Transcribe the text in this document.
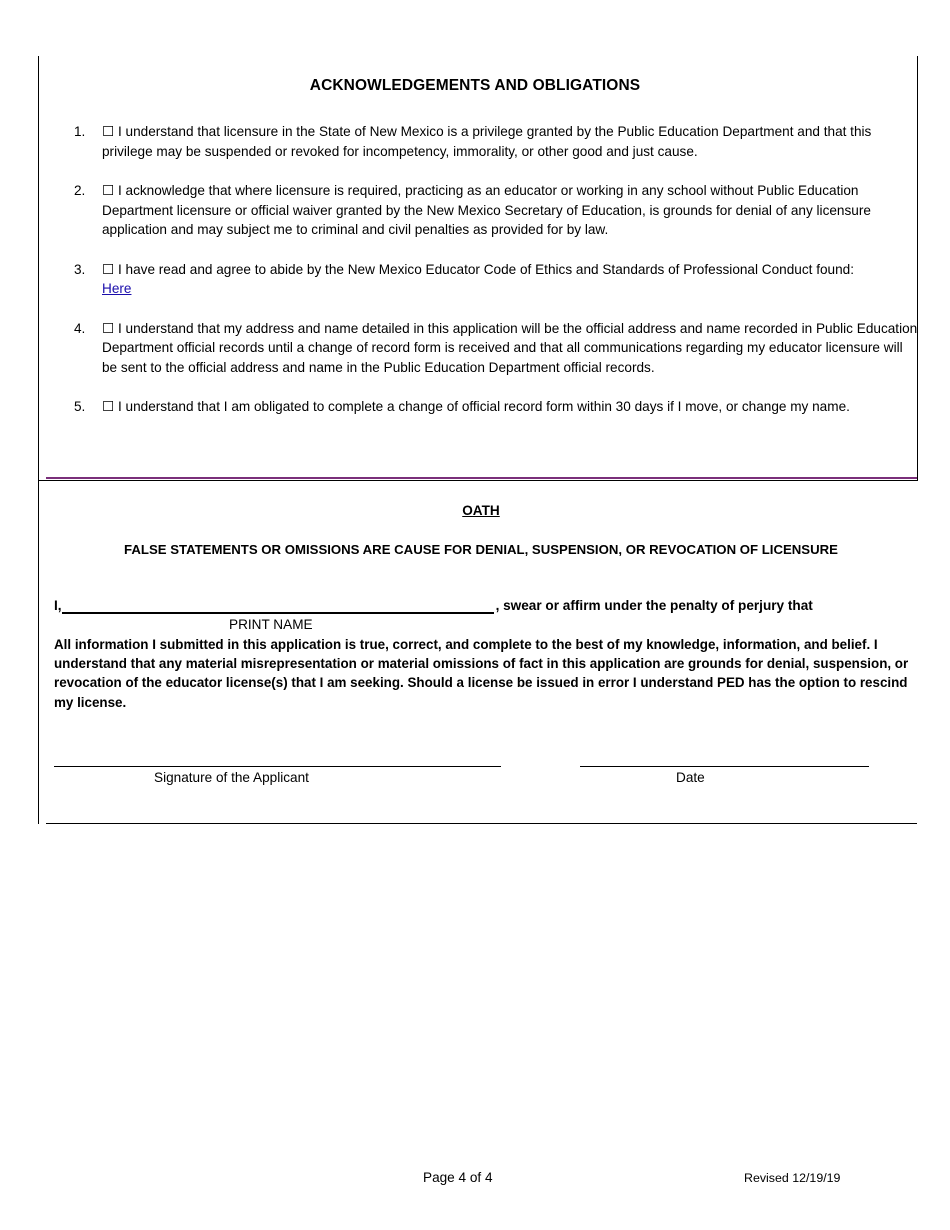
ACKNOWLEDGEMENTS AND OBLIGATIONS
1. ☐ I understand that licensure in the State of New Mexico is a privilege granted by the Public Education Department and that this privilege may be suspended or revoked for incompetency, immorality, or other good and just cause.
2. ☐ I acknowledge that where licensure is required, practicing as an educator or working in any school without Public Education Department licensure or official waiver granted by the New Mexico Secretary of Education, is grounds for denial of any licensure application and may subject me to criminal and civil penalties as provided for by law.
3. ☐ I have read and agree to abide by the New Mexico Educator Code of Ethics and Standards of Professional Conduct found:
Here
4. ☐ I understand that my address and name detailed in this application will be the official address and name recorded in Public Education Department official records until a change of record form is received and that all communications regarding my educator licensure will be sent to the official address and name in the Public Education Department official records.
5. ☐ I understand that I am obligated to complete a change of official record form within 30 days if I move, or change my name.
OATH
FALSE STATEMENTS OR OMISSIONS ARE CAUSE FOR DENIAL, SUSPENSION, OR REVOCATION OF LICENSURE
I,	, swear or affirm under the penalty of perjury that
PRINT NAME
All information I submitted in this application is true, correct, and complete to the best of my knowledge, information, and belief. I understand that any material misrepresentation or material omissions of fact in this application are grounds for denial, suspension, or revocation of the educator license(s) that I am seeking. Should a license be issued in error I understand PED has the option to rescind my license.
Signature of the Applicant	Date
Page 4 of 4	Revised 12/19/19
